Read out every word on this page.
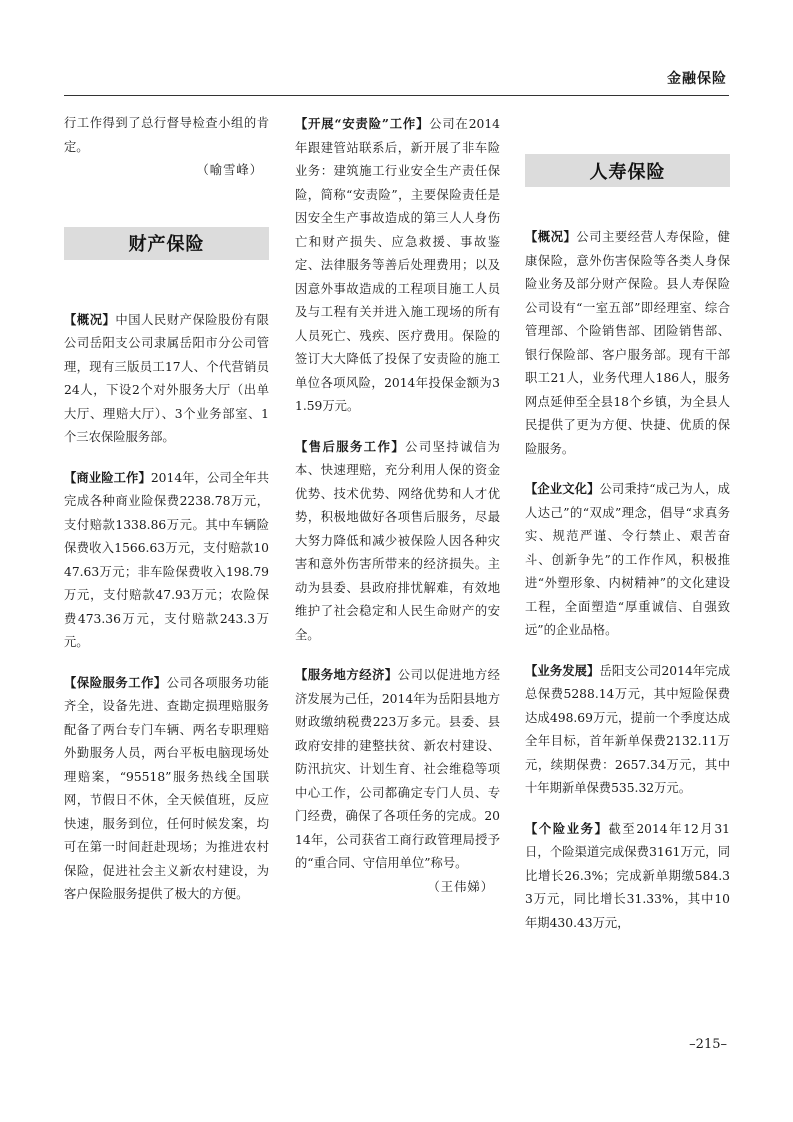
金融保险

行工作得到了总行督导检查小组的肯定。

（喻雪峰）

财产保险

【概况】中国人民财产保险股份有限公司岳阳支公司隶属岳阳市分公司管理，现有三版员工17人、个代营销员24人，下设2个对外服务大厅（出单大厅、理赔大厅）、3个业务部室、1个三农保险服务部。

【商业险工作】2014年，公司全年共完成各种商业险保费2238.78万元，支付赔款1338.86万元。其中车辆险保费收入1566.63万元，支付赔款1047.63万元；非车险保费收入198.79万元，支付赔款47.93万元；农险保费473.36万元，支付赔款243.3万元。

【保险服务工作】公司各项服务功能齐全，设备先进、查勘定损理赔服务配备了两台专门车辆、两名专职理赔外勤服务人员，两台平板电脑现场处理赔案，“95518”服务热线全国联网，节假日不休，全天候值班，反应快速，服务到位，任何时候发案，均可在第一时间赶赴现场；为推进农村保险，促进社会主义新农村建设，为客户保险服务提供了极大的方便。

【开展“安责险”工作】公司在2014年跟建管站联系后，新开展了非车险业务：建筑施工行业安全生产责任保险，简称“安责险”，主要保险责任是因安全生产事故造成的第三人人身伤亡和财产损失、应急救援、事故鉴定、法律服务等善后处理费用；以及因意外事故造成的工程项目施工人员及与工程有关并进入施工现场的所有人员死亡、残疾、医疗费用。保险的签订大大降低了投保了安责险的施工单位各项风险，2014年投保金额为31.59万元。

【售后服务工作】公司坚持诚信为本、快速理赔，充分利用人保的资金优势、技术优势、网络优势和人才优势，积极地做好各项售后服务，尽最大努力降低和减少被保险人因各种灾害和意外伤害所带来的经济损失。主动为县委、县政府排忧解难，有效地维护了社会稳定和人民生命财产的安全。

【服务地方经济】公司以促进地方经济发展为己任，2014年为岳阳县地方财政缴纳税费223万多元。县委、县政府安排的建整扶贫、新农村建设、防汛抗灾、计划生育、社会维稳等项中心工作，公司都确定专门人员、专门经费，确保了各项任务的完成。2014年，公司获省工商行政管理局授予的“重合同、守信用单位”称号。

（王伟娣）

人寿保险

【概况】公司主要经营人寿保险，健康保险，意外伤害保险等各类人身保险业务及部分财产保险。县人寿保险公司设有“一室五部”即经理室、综合管理部、个险销售部、团险销售部、银行保险部、客户服务部。现有干部职工21人，业务代理人186人，服务网点延伸至全县18个乡镇，为全县人民提供了更为方便、快捷、优质的保险服务。

【企业文化】公司秉持“成己为人，成人达己”的“双成”理念，倡导“求真务实、规范严谨、令行禁止、艰苦奋斗、创新争先”的工作作风，积极推进“外塑形象、内树精神”的文化建设工程，全面塑造“厚重诚信、自强致远”的企业品格。

【业务发展】岳阳支公司2014年完成总保费5288.14万元，其中短险保费达成498.69万元，提前一个季度达成全年目标，首年新单保费2132.11万元，续期保费：2657.34万元，其中十年期新单保费535.32万元。

【个险业务】截至2014年12月31日，个险渠道完成保费3161万元，同比增长26.3%；完成新单期缴584.33万元，同比增长31.33%，其中10年期430.43万元，

–215–
